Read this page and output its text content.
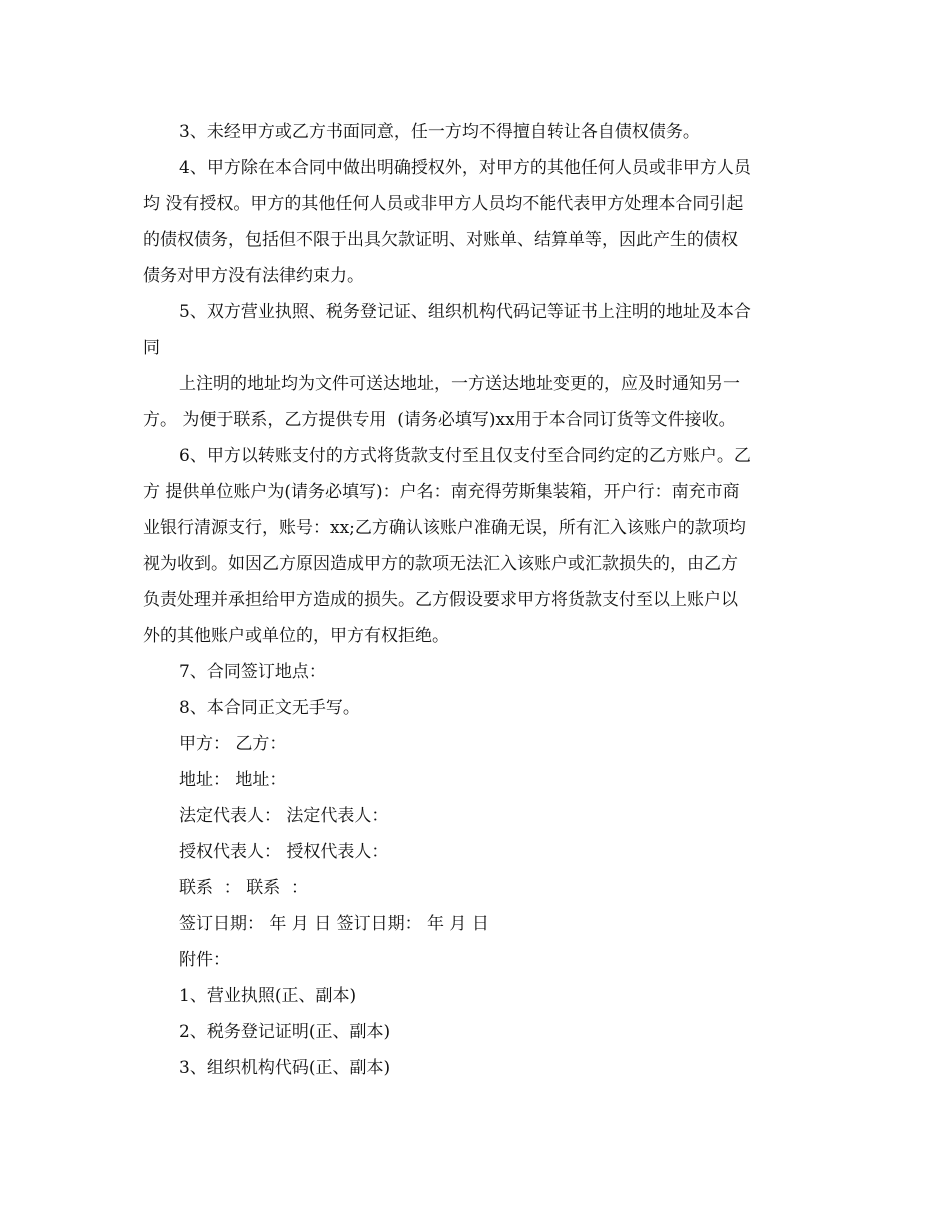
3、未经甲方或乙方书面同意，任一方均不得擅自转让各自债权债务。

4、甲方除在本合同中做出明确授权外，对甲方的其他任何人员或非甲方人员

均 没有授权。甲方的其他任何人员或非甲方人员均不能代表甲方处理本合同引起

的债权债务，包括但不限于出具欠款证明、对账单、结算单等，因此产生的债权

债务对甲方没有法律约束力。

5、双方营业执照、税务登记证、组织机构代码记等证书上注明的地址及本合

同

上注明的地址均为文件可送达地址，一方送达地址变更的，应及时通知另一

方。 为便于联系，乙方提供专用  (请务必填写)xx用于本合同订货等文件接收。

6、甲方以转账支付的方式将货款支付至且仅支付至合同约定的乙方账户。乙

方 提供单位账户为(请务必填写)：户名：南充得劳斯集装箱，开户行：南充市商

业银行清源支行，账号：xx;乙方确认该账户准确无误，所有汇入该账户的款项均

视为收到。如因乙方原因造成甲方的款项无法汇入该账户或汇款损失的，由乙方

负责处理并承担给甲方造成的损失。乙方假设要求甲方将货款支付至以上账户以

外的其他账户或单位的，甲方有权拒绝。

7、合同签订地点：

8、本合同正文无手写。

甲方： 乙方：

地址： 地址：

法定代表人： 法定代表人：

授权代表人： 授权代表人：

联系  ： 联系  ：

签订日期： 年 月 日 签订日期： 年 月 日

附件：

1、营业执照(正、副本)

2、税务登记证明(正、副本)

3、组织机构代码(正、副本)
